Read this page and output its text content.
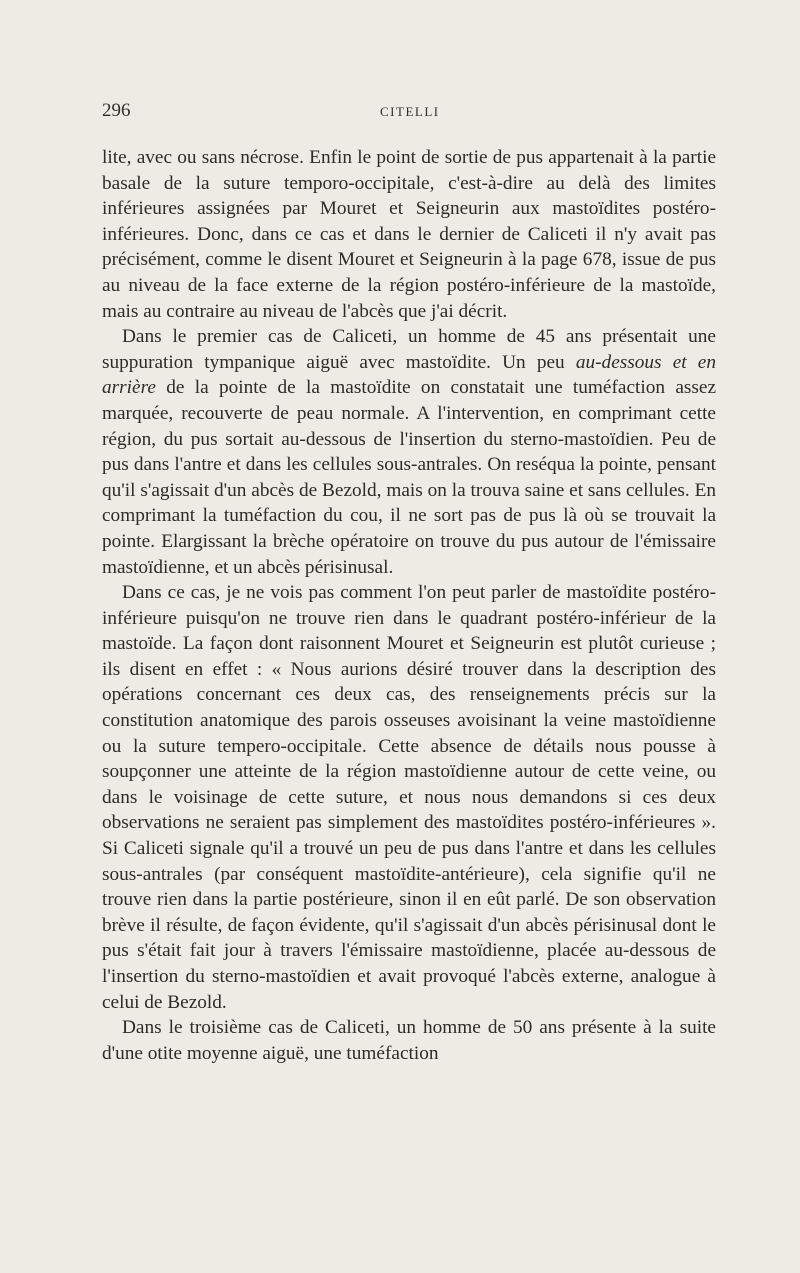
296	CITELLI

lite, avec ou sans nécrose. Enfin le point de sortie de pus appartenait à la partie basale de la suture temporo-occipitale, c'est-à-dire au delà des limites inférieures assignées par Mouret et Seigneurin aux mastoïdites postéro-inférieures. Donc, dans ce cas et dans le dernier de Caliceti il n'y avait pas précisément, comme le disent Mouret et Seigneurin à la page 678, issue de pus au niveau de la face externe de la région postéro-inférieure de la mastoïde, mais au contraire au niveau de l'abcès que j'ai décrit.

Dans le premier cas de Caliceti, un homme de 45 ans présentait une suppuration tympanique aiguë avec mastoïdite. Un peu au-dessous et en arrière de la pointe de la mastoïdite on constatait une tuméfaction assez marquée, recouverte de peau normale. A l'intervention, en comprimant cette région, du pus sortait au-dessous de l'insertion du sterno-mastoïdien. Peu de pus dans l'antre et dans les cellules sous-antrales. On reséqua la pointe, pensant qu'il s'agissait d'un abcès de Bezold, mais on la trouva saine et sans cellules. En comprimant la tuméfaction du cou, il ne sort pas de pus là où se trouvait la pointe. Elargissant la brèche opératoire on trouve du pus autour de l'émissaire mastoïdienne, et un abcès périsinusal.

Dans ce cas, je ne vois pas comment l'on peut parler de mastoïdite postéro-inférieure puisqu'on ne trouve rien dans le quadrant postéro-inférieur de la mastoïde. La façon dont raisonnent Mouret et Seigneurin est plutôt curieuse ; ils disent en effet : « Nous aurions désiré trouver dans la description des opérations concernant ces deux cas, des renseignements précis sur la constitution anatomique des parois osseuses avoisinant la veine mastoïdienne ou la suture tempero-occipitale. Cette absence de détails nous pousse à soupçonner une atteinte de la région mastoïdienne autour de cette veine, ou dans le voisinage de cette suture, et nous nous demandons si ces deux observations ne seraient pas simplement des mastoïdites postéro-inférieures ». Si Caliceti signale qu'il a trouvé un peu de pus dans l'antre et dans les cellules sous-antrales (par conséquent mastoïdite-antérieure), cela signifie qu'il ne trouve rien dans la partie postérieure, sinon il en eût parlé. De son observation brève il résulte, de façon évidente, qu'il s'agissait d'un abcès périsinusal dont le pus s'était fait jour à travers l'émissaire mastoïdienne, placée au-dessous de l'insertion du sterno-mastoïdien et avait provoqué l'abcès externe, analogue à celui de Bezold.

Dans le troisième cas de Caliceti, un homme de 50 ans présente à la suite d'une otite moyenne aiguë, une tuméfaction
